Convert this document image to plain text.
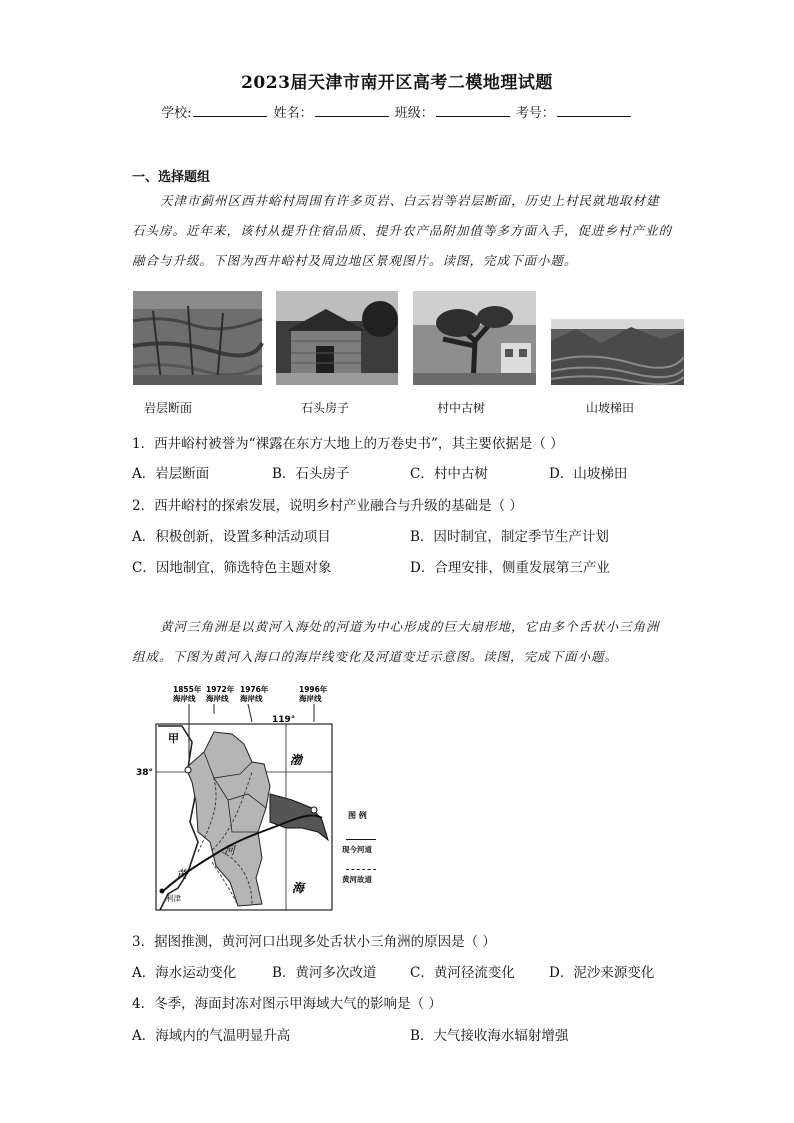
2023届天津市南开区高考二模地理试题
学校:	姓名：	班级：	考号：
一、选择题组
天津市蓟州区西井峪村周围有许多页岩、白云岩等岩层断面，历史上村民就地取材建石头房。近年来，该村从提升住宿品质、提升农产品附加值等多方面入手，促进乡村产业的融合与升级。下图为西井峪村及周边地区景观图片。读图，完成下面小题。
岩层断面	石头房子	村中古树	山坡梯田
1．西井峪村被誉为“裸露在东方大地上的万卷史书”，其主要依据是（ ）
A．岩层断面	B．石头房子	C．村中古树	D．山坡梯田
2．西井峪村的探索发展，说明乡村产业融合与升级的基础是（ ）
A．积极创新，设置多种活动项目	B．因时制宜，制定季节生产计划
C．因地制宜，筛选特色主题对象	D．合理安排，侧重发展第三产业
黄河三角洲是以黄河入海处的河道为中心形成的巨大扇形地，它由多个舌状小三角洲组成。下图为黄河入海口的海岸线变化及河道变迁示意图。读图，完成下面小题。
1855年
海岸线
1972年
海岸线
1976年
海岸线
1996年
海岸线
119°
38°
甲
渤
海
河
黄
利津
图 例
现今河道
黄河故道
3．据图推测，黄河河口出现多处舌状小三角洲的原因是（ ）
A．海水运动变化	B．黄河多次改道 C．黄河径流变化	D．泥沙来源变化
4．冬季，海面封冻对图示甲海域大气的影响是（ ）
A．海域内的气温明显升高	B．大气接收海水辐射增强
